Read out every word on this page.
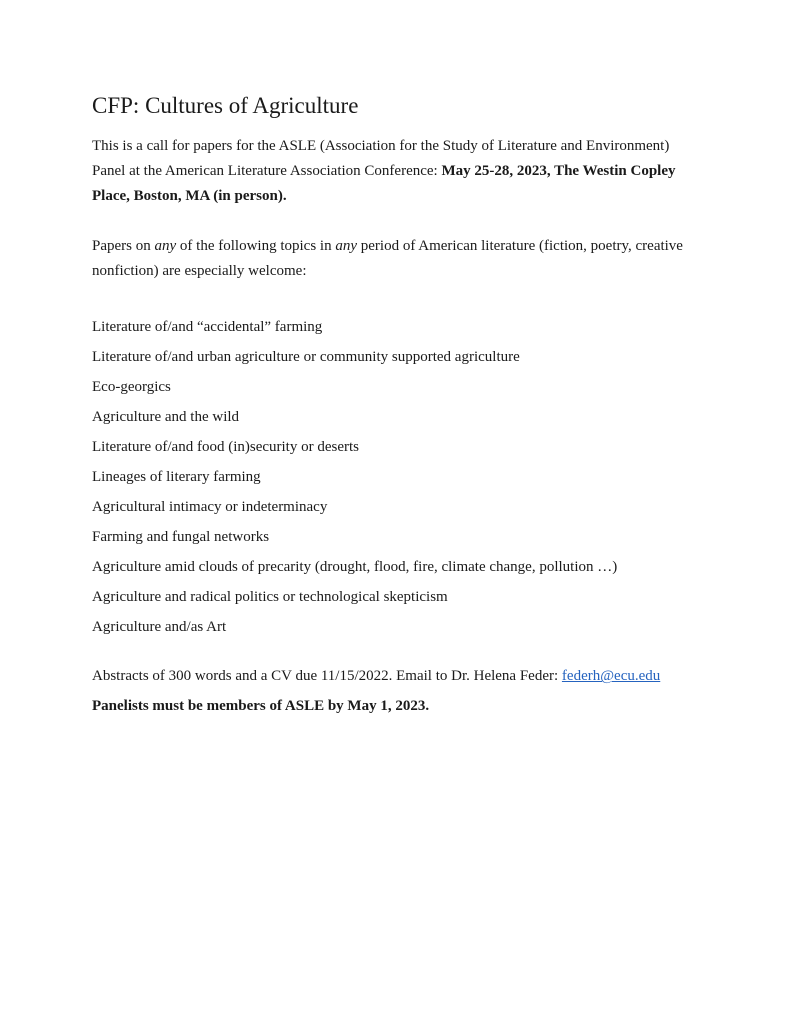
CFP: Cultures of Agriculture

This is a call for papers for the ASLE (Association for the Study of Literature and Environment) Panel at the American Literature Association Conference: May 25-28, 2023, The Westin Copley Place, Boston, MA (in person).

Papers on any of the following topics in any period of American literature (fiction, poetry, creative nonfiction) are especially welcome:

Literature of/and “accidental” farming

Literature of/and urban agriculture or community supported agriculture

Eco-georgics

Agriculture and the wild

Literature of/and food (in)security or deserts

Lineages of literary farming

Agricultural intimacy or indeterminacy

Farming and fungal networks

Agriculture amid clouds of precarity (drought, flood, fire, climate change, pollution …)

Agriculture and radical politics or technological skepticism

Agriculture and/as Art

Abstracts of 300 words and a CV due 11/15/2022. Email to Dr. Helena Feder: federh@ecu.edu

Panelists must be members of ASLE by May 1, 2023.
